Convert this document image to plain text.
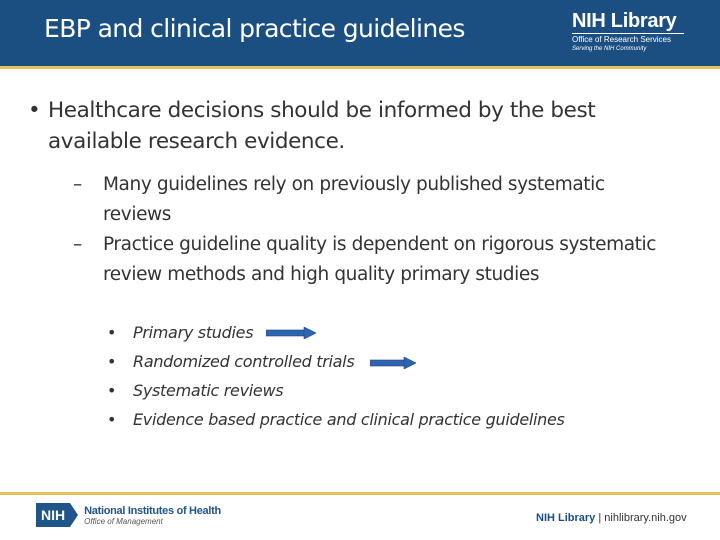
EBP and clinical practice guidelines	NIH Library
Office of Research Services
Serving the NIH Community
• Healthcare decisions should be informed by the best available research evidence.
– Many guidelines rely on previously published systematic reviews
– Practice guideline quality is dependent on rigorous systematic review methods and high quality primary studies
• Primary studies
• Randomized controlled trials
• Systematic reviews
• Evidence based practice and clinical practice guidelines
NIH	National Institutes of Health
Office of Management	NIH Library | nihlibrary.nih.gov
